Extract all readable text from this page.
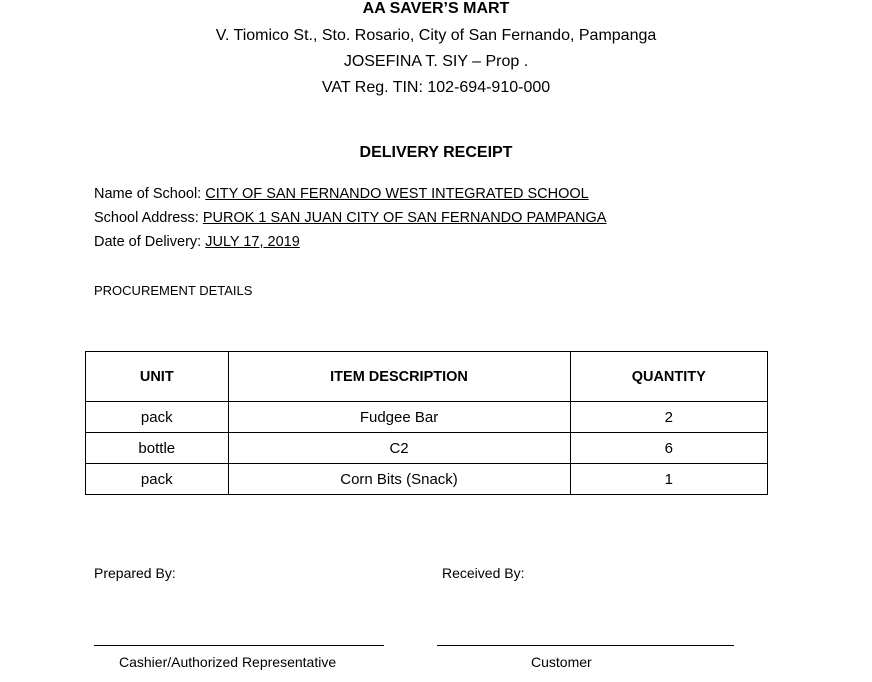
AA SAVER’S MART
V. Tiomico St., Sto. Rosario, City of San Fernando, Pampanga
JOSEFINA T. SIY – Prop .
VAT Reg. TIN: 102-694-910-000
DELIVERY RECEIPT
Name of School: CITY OF SAN FERNANDO WEST INTEGRATED SCHOOL
School Address: PUROK 1 SAN JUAN CITY OF SAN FERNANDO PAMPANGA
Date of Delivery: JULY 17, 2019
PROCUREMENT DETAILS
UNIT	ITEM DESCRIPTION	QUANTITY
pack	Fudgee Bar	2
bottle	C2	6
pack	Corn Bits (Snack)	1
Prepared By:	Received By:
Cashier/Authorized Representative	Customer
